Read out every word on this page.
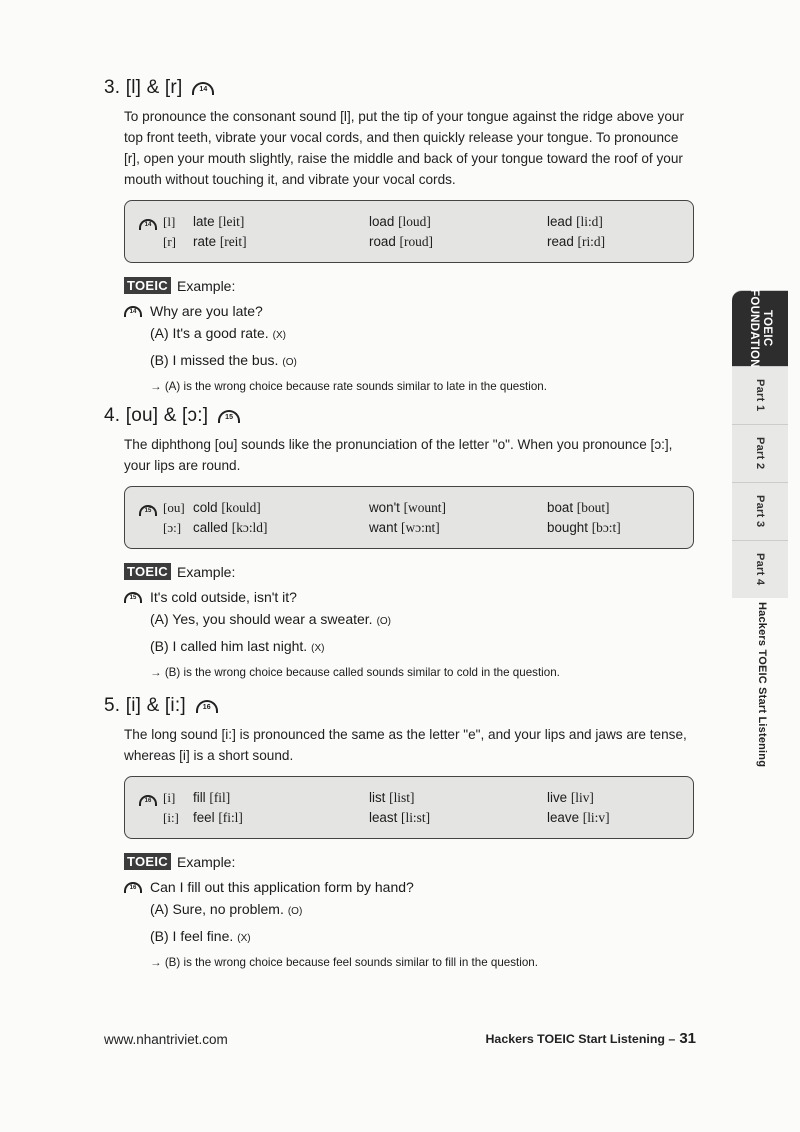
3. [l] & [r] 14

To pronounce the consonant sound [l], put the tip of your tongue against the ridge above your top front teeth, vibrate your vocal cords, and then quickly release your tongue. To pronounce [r], open your mouth slightly, raise the middle and back of your tongue toward the roof of your mouth without touching it, and vibrate your vocal cords.

14 [l]	late [leit]	load [loud]	lead [li:d]
[r]	rate [reit]	road [roud]	read [ri:d]
TOEIC Example:
14 Why are you late?
(A) It's a good rate. (X)
(B) I missed the bus. (O)
→ (A) is the wrong choice because rate sounds similar to late in the question.
4. [ou] & [ɔ:] 15

The diphthong [ou] sounds like the pronunciation of the letter "o". When you pronounce [ɔ:], your lips are round.

15 [ou] cold [kould]	won't [wount]	boat [bout]
[ɔ:] called [kɔ:ld]	want [wɔ:nt]	bought [bɔ:t]
TOEIC Example:
15 It's cold outside, isn't it?
(A) Yes, you should wear a sweater. (O)
(B) I called him last night. (X)
→ (B) is the wrong choice because called sounds similar to cold in the question.
5. [i] & [i:] 16

The long sound [i:] is pronounced the same as the letter "e", and your lips and jaws are tense, whereas [i] is a short sound.

16 [i]	fill [fil]	list [list]	live [liv]
[i:]	feel [fi:l]	least [li:st]	leave [li:v]
TOEIC Example:
16 Can I fill out this application form by hand?
(A) Sure, no problem. (O)
(B) I feel fine. (X)
→ (B) is the wrong choice because feel sounds similar to fill in the question.
TOEIC FOUNDATION
Part 1
Part 2
Part 3
Part 4
Hackers TOEIC Start Listening
www.nhantriviet.com	Hackers TOEIC Start Listening – 31
